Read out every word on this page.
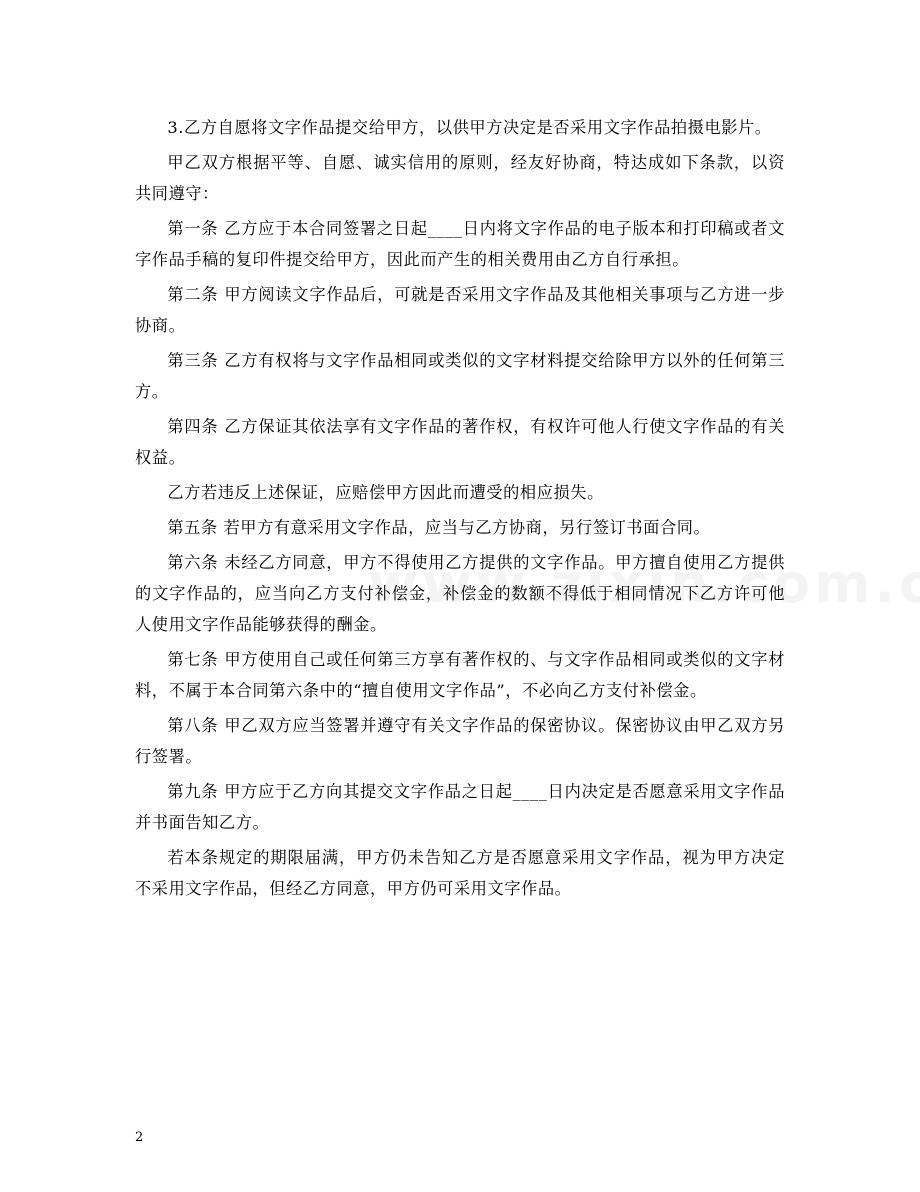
3.乙方自愿将文字作品提交给甲方，以供甲方决定是否采用文字作品拍摄电影片。

甲乙双方根据平等、自愿、诚实信用的原则，经友好协商，特达成如下条款，以资共同遵守：

第一条 乙方应于本合同签署之日起____日内将文字作品的电子版本和打印稿或者文字作品手稿的复印件提交给甲方，因此而产生的相关费用由乙方自行承担。

第二条 甲方阅读文字作品后，可就是否采用文字作品及其他相关事项与乙方进一步协商。

第三条 乙方有权将与文字作品相同或类似的文字材料提交给除甲方以外的任何第三方。

第四条 乙方保证其依法享有文字作品的著作权，有权许可他人行使文字作品的有关权益。

乙方若违反上述保证，应赔偿甲方因此而遭受的相应损失。

第五条 若甲方有意采用文字作品，应当与乙方协商，另行签订书面合同。

第六条 未经乙方同意，甲方不得使用乙方提供的文字作品。甲方擅自使用乙方提供的文字作品的，应当向乙方支付补偿金，补偿金的数额不得低于相同情况下乙方许可他人使用文字作品能够获得的酬金。

第七条 甲方使用自己或任何第三方享有著作权的、与文字作品相同或类似的文字材料，不属于本合同第六条中的“擅自使用文字作品”，不必向乙方支付补偿金。

第八条 甲乙双方应当签署并遵守有关文字作品的保密协议。保密协议由甲乙双方另行签署。

第九条 甲方应于乙方向其提交文字作品之日起____日内决定是否愿意采用文字作品并书面告知乙方。

若本条规定的期限届满，甲方仍未告知乙方是否愿意采用文字作品，视为甲方决定不采用文字作品，但经乙方同意，甲方仍可采用文字作品。

2
